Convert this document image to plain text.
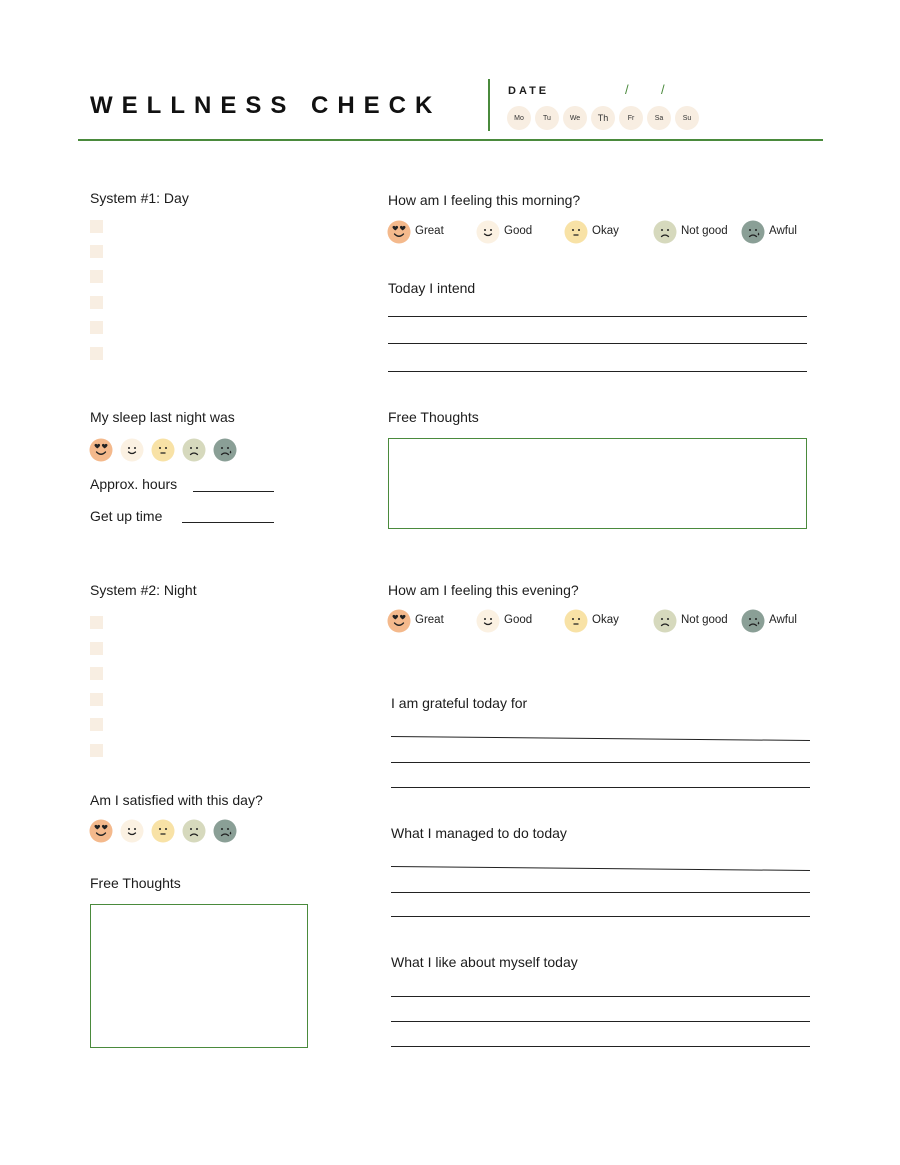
WELLNESS CHECK
DATE	/ /
Mo	Tu	We	Th	Fr	Sa	Su
System #1: Day
My sleep last night was
Approx. hours
Get up time
System #2: Night
Am I satisfied with this day?
Free Thoughts
How am I feeling this morning?
Great	Good	Okay	Not good	Awful
Today I intend
Free Thoughts
How am I feeling this evening?
Great	Good	Okay	Not good	Awful
I am grateful today for
What I managed to do today
What I like about myself today
